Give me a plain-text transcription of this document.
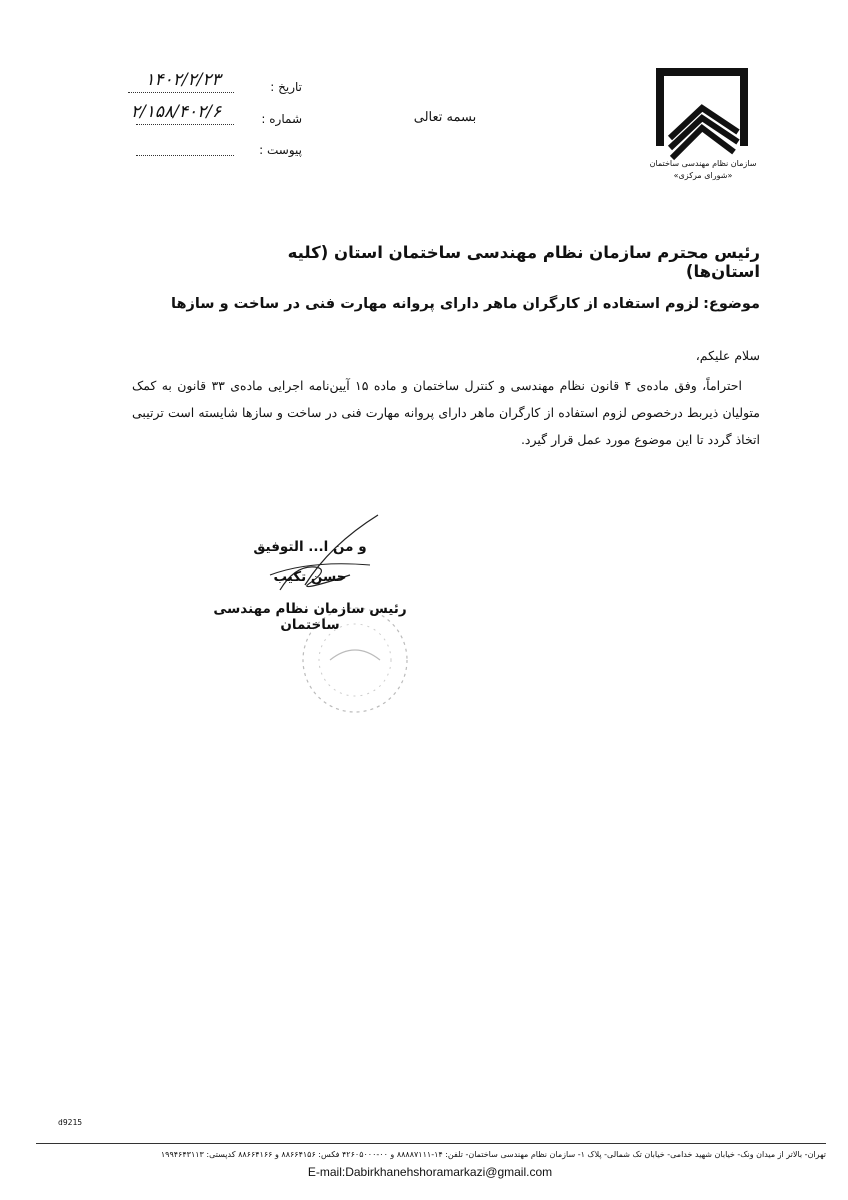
سازمان نظام مهندسی ساختمان
«شورای مرکزی»
تاریخ :
۱۴۰۲/۲/۲۳
شماره :
۲/۱۵۸/۴۰۲/۶
پیوست :
بسمه تعالی
رئیس محترم سازمان نظام مهندسی ساختمان استان (کلیه استان‌ها)
موضوع:
لزوم استفاده از کارگران ماهر دارای پروانه مهارت فنی در ساخت و سازها
سلام علیکم،
احتراماً، وفق ماده‌ی ۴ قانون نظام مهندسی و کنترل ساختمان و ماده ۱۵ آیین‌نامه اجرایی ماده‌ی ۳۳ قانون به کمک متولیان ذیربط درخصوص لزوم استفاده از کارگران ماهر دارای پروانه مهارت فنی در ساخت و سازها شایسته است ترتیبی اتخاذ گردد تا این موضوع مورد عمل قرار گیرد.
و من ا... التوفیق
حسن تکیب
رئیس سازمان نظام مهندسی ساختمان
d9215
تهران- بالاتر از میدان ونک- خیابان شهید خدامی- خیابان تک شمالی- پلاک ۱- سازمان نظام مهندسی ساختمان- تلفن: ۱۴-۸۸۸۸۷۱۱۱ و ۰۰-۴۲۶۰۵۰۰۰ فکس: ۸۸۶۶۴۱۵۶ و ۸۸۶۶۴۱۶۶ کدپستی: ۱۹۹۴۶۴۳۱۱۳
E-mail:Dabirkhanehshoramarkazi@gmail.com
